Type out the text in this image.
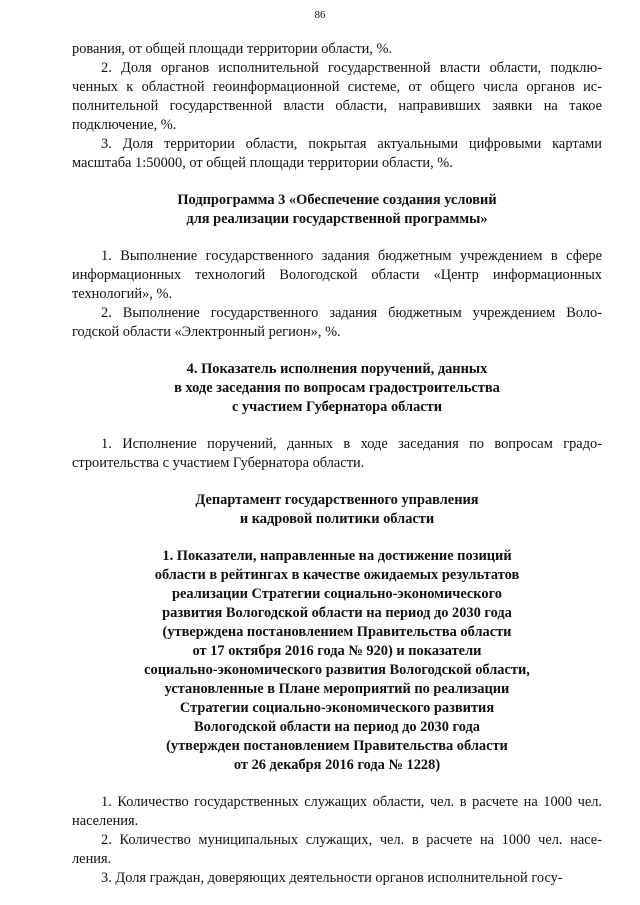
86

рования, от общей площади территории области, %.

2. Доля органов исполнительной государственной власти области, подклю- ченных к областной геоинформационной системе, от общего числа органов ис- полнительной государственной власти области, направивших заявки на такое подключение, %.

3. Доля территории области, покрытая актуальными цифровыми картами масштаба 1:50000, от общей площади территории области, %.

Подпрограмма 3 «Обеспечение создания условий
для реализации государственной программы»

1. Выполнение государственного задания бюджетным учреждением в сфере информационных технологий Вологодской области «Центр информационных технологий», %.

2. Выполнение государственного задания бюджетным учреждением Воло- годской области «Электронный регион», %.

4. Показатель исполнения поручений, данных
в ходе заседания по вопросам градостроительства
с участием Губернатора области

1. Исполнение поручений, данных в ходе заседания по вопросам градо- строительства с участием Губернатора области.

Департамент государственного управления
и кадровой политики области
1. Показатели, направленные на достижение позиций
области в рейтингах в качестве ожидаемых результатов
реализации Стратегии социально-экономического
развития Вологодской области на период до 2030 года
(утверждена постановлением Правительства области
от 17 октября 2016 года № 920) и показатели
социально-экономического развития Вологодской области,
установленные в Плане мероприятий по реализации
Стратегии социально-экономического развития
Вологодской области на период до 2030 года
(утвержден постановлением Правительства области
от 26 декабря 2016 года № 1228)

1. Количество государственных служащих области, чел. в расчете на 1000 чел. населения.

2. Количество муниципальных служащих, чел. в расчете на 1000 чел. насе- ления.

3. Доля граждан, доверяющих деятельности органов исполнительной госу-
